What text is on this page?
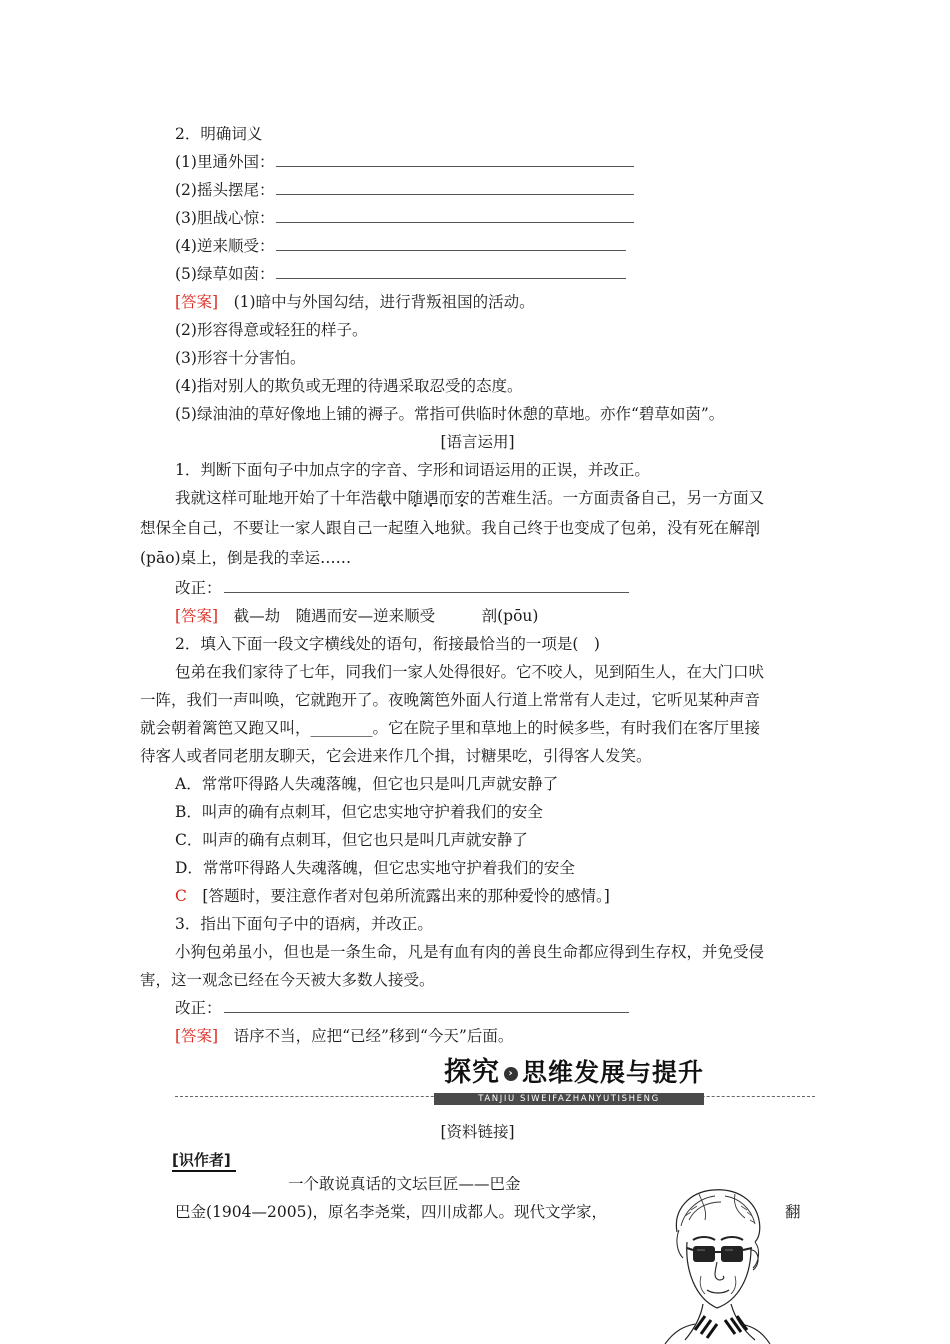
2．明确词义
(1)里通外国：
(2)摇头摆尾：
(3)胆战心惊：
(4)逆来顺受：
(5)绿草如茵：
[答案]　 (1)暗中与外国勾结，进行背叛祖国的活动。
(2)形容得意或轻狂的样子。
(3)形容十分害怕。
(4)指对别人的欺负或无理的待遇采取忍受的态度。
(5)绿油油的草好像地上铺的褥子。常指可供临时休憩的草地。亦作“碧草如茵”。
[语言运用]
1．判断下面句子中加点字的字音、字形和词语运用的正误，并改正。
我就这样可耻地开始了十年浩截中随遇而安的苦难生活。一方面责备自己，另一方面又
想保全自己，不要让一家人跟自己一起堕入地狱。我自己终于也变成了包弟，没有死在解剖
(pāo)桌上，倒是我的幸运……
改正：
[答案]　 截—劫　随遇而安—逆来顺受　　　剖(pōu)
2．填入下面一段文字横线处的语句，衔接最恰当的一项是(　)
包弟在我们家待了七年，同我们一家人处得很好。它不咬人，见到陌生人，在大门口吠
一阵，我们一声叫唤，它就跑开了。夜晚篱笆外面人行道上常常有人走过，它听见某种声音
就会朝着篱笆又跑又叫，________。它在院子里和草地上的时候多些，有时我们在客厅里接
待客人或者同老朋友聊天，它会进来作几个揖，讨糖果吃，引得客人发笑。
A．常常吓得路人失魂落魄，但它也只是叫几声就安静了
B．叫声的确有点刺耳，但它忠实地守护着我们的安全
C．叫声的确有点刺耳，但它也只是叫几声就安静了
D．常常吓得路人失魂落魄，但它忠实地守护着我们的安全
C　 [答题时，要注意作者对包弟所流露出来的那种爱怜的感情。]
3．指出下面句子中的语病，并改正。
小狗包弟虽小，但也是一条生命，凡是有血有肉的善良生命都应得到生存权，并免受侵
害，这一观念已经在今天被大多数人接受。
改正：
[答案]　 语序不当，应把“已经”移到“今天”后面。
探究 › 思维发展与提升
TANJIU SIWEIFAZHANYUTISHENG
[资料链接]
[识作者]
一个敢说真话的文坛巨匠——巴金
巴金(1904—2005)，原名李尧棠，四川成都人。现代文学家，	翻
